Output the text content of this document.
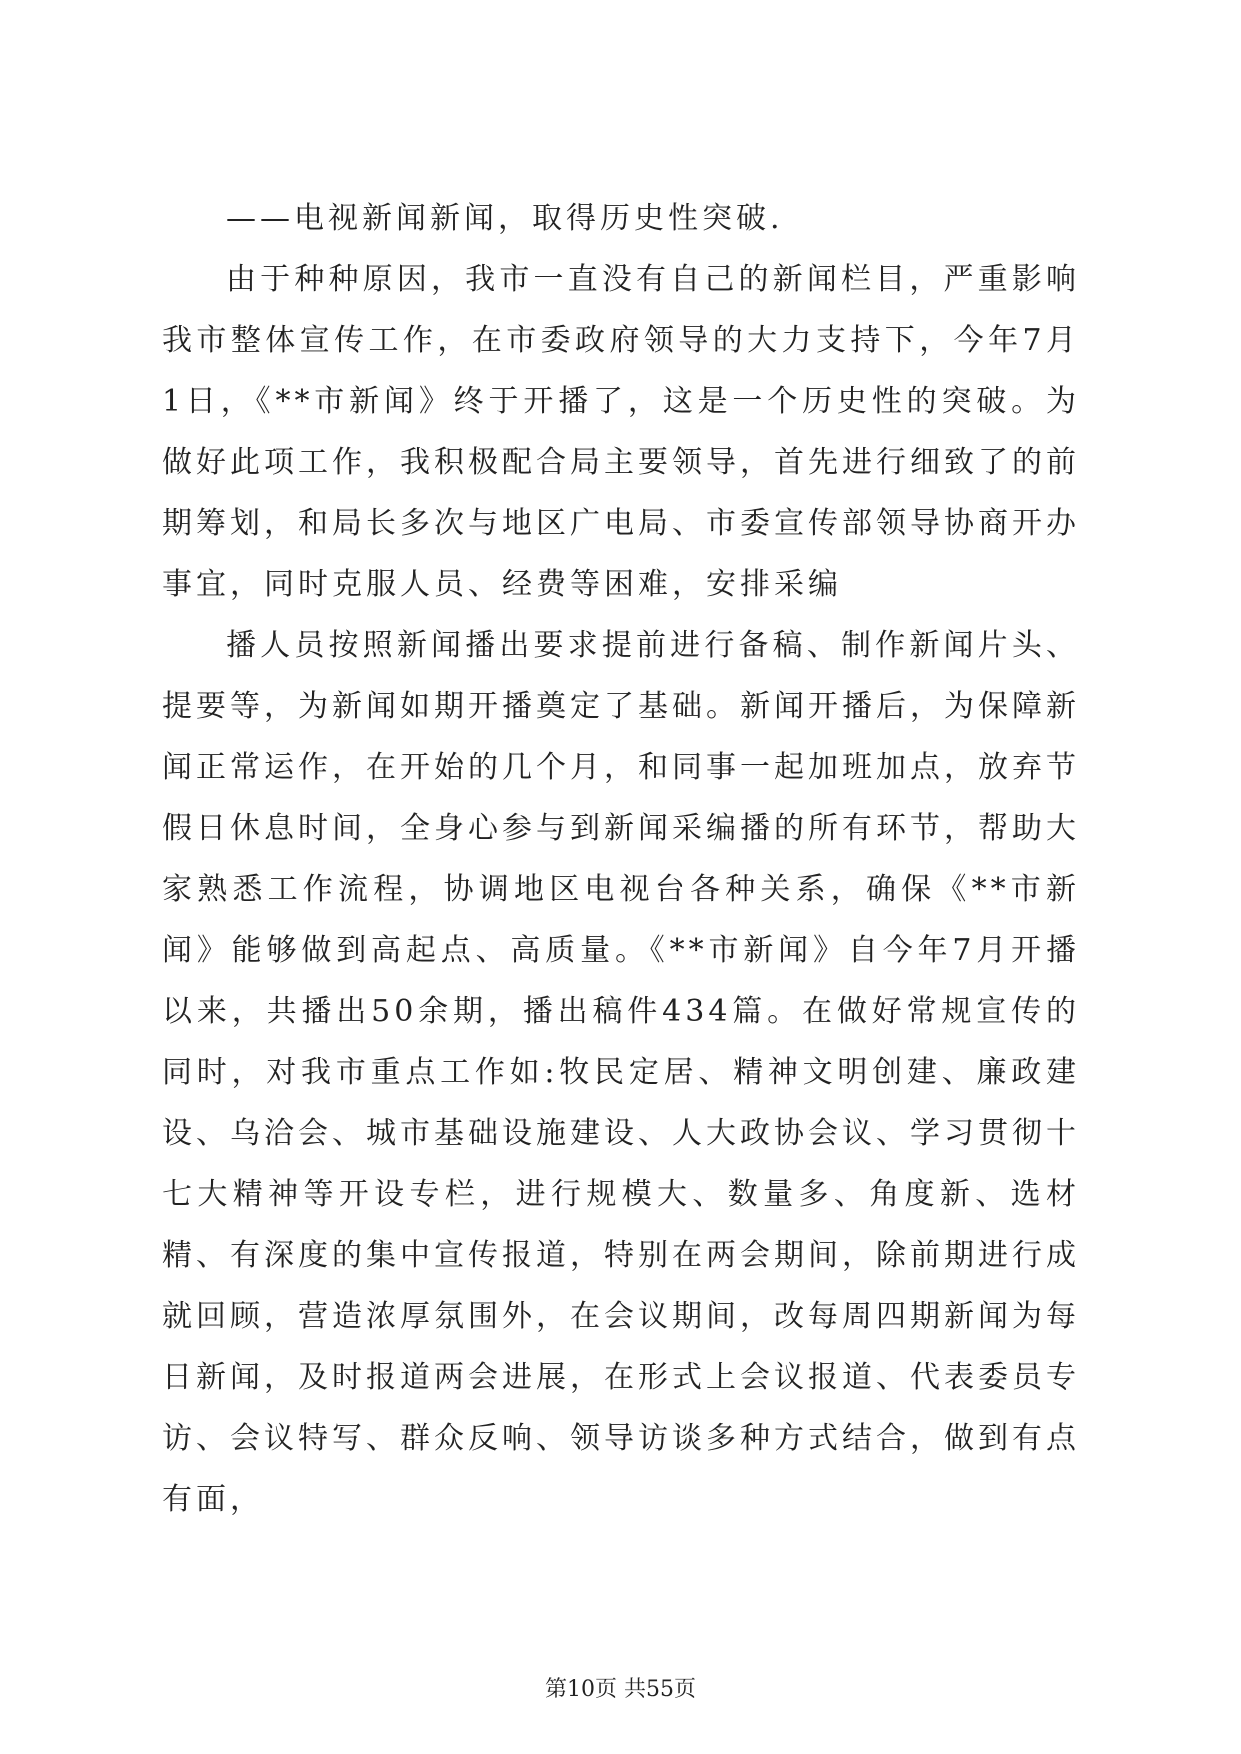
——电视新闻新闻，取得历史性突破.

由于种种原因，我市一直没有自己的新闻栏目，严重影响我市整体宣传工作，在市委政府领导的大力支持下，今年7月1日，《**市新闻》终于开播了，这是一个历史性的突破。为做好此项工作，我积极配合局主要领导，首先进行细致了的前期筹划，和局长多次与地区广电局、市委宣传部领导协商开办事宜，同时克服人员、经费等困难，安排采编

播人员按照新闻播出要求提前进行备稿、制作新闻片头、提要等，为新闻如期开播奠定了基础。新闻开播后，为保障新闻正常运作，在开始的几个月，和同事一起加班加点，放弃节假日休息时间，全身心参与到新闻采编播的所有环节，帮助大家熟悉工作流程，协调地区电视台各种关系，确保《**市新闻》能够做到高起点、高质量。《**市新闻》自今年7月开播以来，共播出50余期，播出稿件434篇。在做好常规宣传的同时，对我市重点工作如:牧民定居、精神文明创建、廉政建设、乌洽会、城市基础设施建设、人大政协会议、学习贯彻十七大精神等开设专栏，进行规模大、数量多、角度新、选材精、有深度的集中宣传报道，特别在两会期间，除前期进行成就回顾，营造浓厚氛围外，在会议期间，改每周四期新闻为每日新闻，及时报道两会进展，在形式上会议报道、代表委员专访、会议特写、群众反响、领导访谈多种方式结合，做到有点有面，

第10页 共55页
